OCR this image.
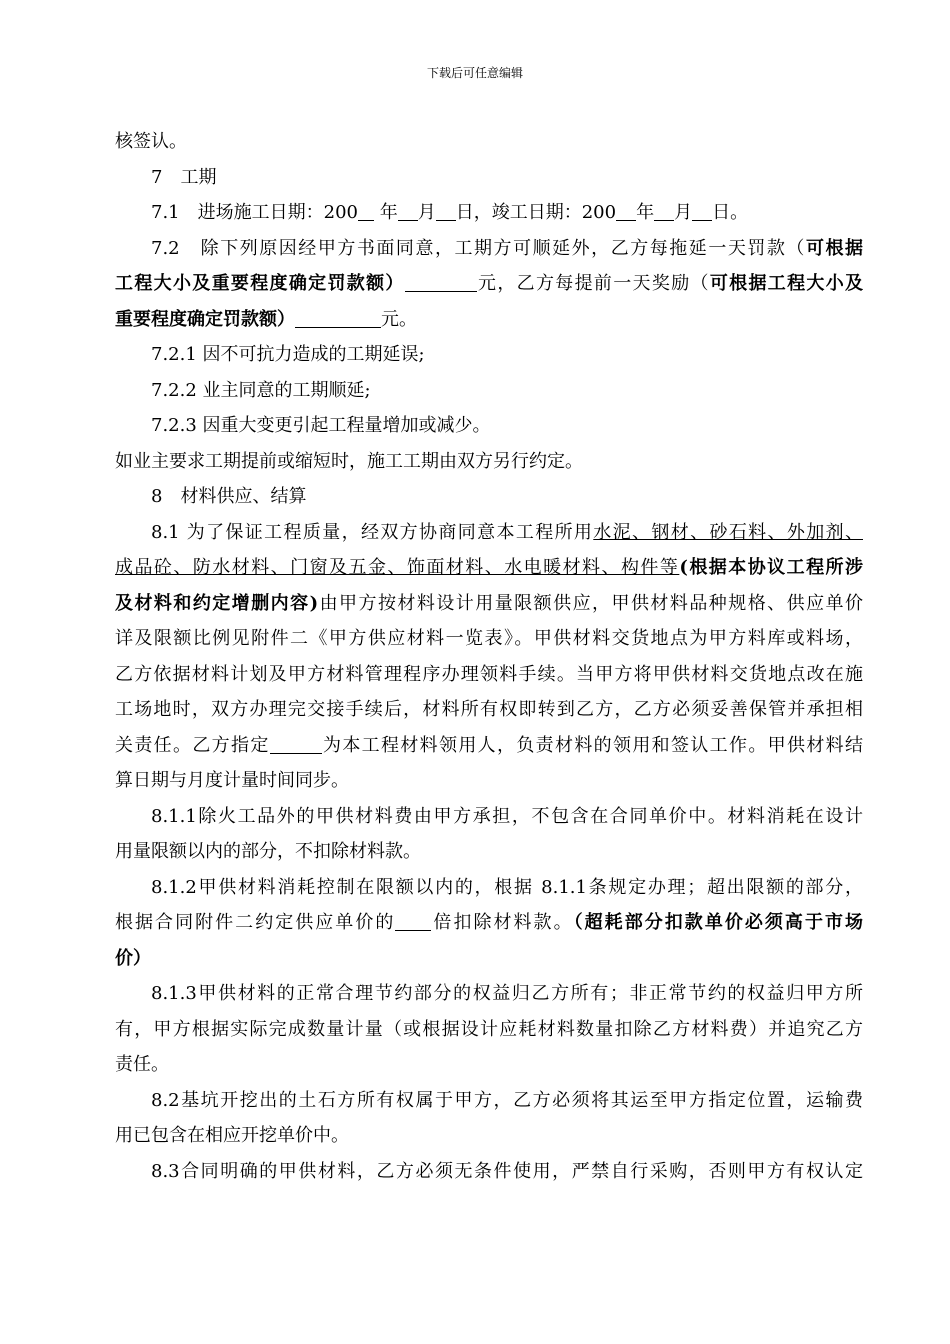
下载后可任意编辑
核签认。
7　工期
7.1　进场施工日期：200 年 月 日，竣工日期：200 年 月 日。
7.2　除下列原因经甲方书面同意，工期方可顺延外，乙方每拖延一天罚款（可根据
工程大小及重要程度确定罚款额）	元，乙方每提前一天奖励（可根据工程大小及
重要程度确定罚款额）	元。
7.2.1 因不可抗力造成的工期延误;
7.2.2 业主同意的工期顺延;
7.2.3 因重大变更引起工程量增加或减少。
如业主要求工期提前或缩短时，施工工期由双方另行约定。
8　材料供应、结算
8.1 为了保证工程质量，经双方协商同意本工程所用水泥、钢材、砂石料、外加剂、
成品砼、防水材料、门窗及五金、饰面材料、水电暖材料、构件等(根据本协议工程所涉
及材料和约定增删内容)由甲方按材料设计用量限额供应，甲供材料品种规格、供应单价
详及限额比例见附件二《甲方供应材料一览表》。甲供材料交货地点为甲方料库或料场，
乙方依据材料计划及甲方材料管理程序办理领料手续。当甲方将甲供材料交货地点改在施
工场地时，双方办理完交接手续后，材料所有权即转到乙方，乙方必须妥善保管并承担相
关责任。乙方指定	为本工程材料领用人，负责材料的领用和签认工作。甲供材料结
算日期与月度计量时间同步。
8.1.1除火工品外的甲供材料费由甲方承担，不包含在合同单价中。材料消耗在设计
用量限额以内的部分，不扣除材料款。
8.1.2甲供材料消耗控制在限额以内的，根据 8.1.1条规定办理；超出限额的部分，
根据合同附件二约定供应单价的 倍扣除材料款。（超耗部分扣款单价必须高于市场
价）
8.1.3甲供材料的正常合理节约部分的权益归乙方所有；非正常节约的权益归甲方所
有，甲方根据实际完成数量计量（或根据设计应耗材料数量扣除乙方材料费）并追究乙方
责任。
8.2基坑开挖出的土石方所有权属于甲方，乙方必须将其运至甲方指定位置，运输费
用已包含在相应开挖单价中。
8.3合同明确的甲供材料，乙方必须无条件使用，严禁自行采购，否则甲方有权认定
